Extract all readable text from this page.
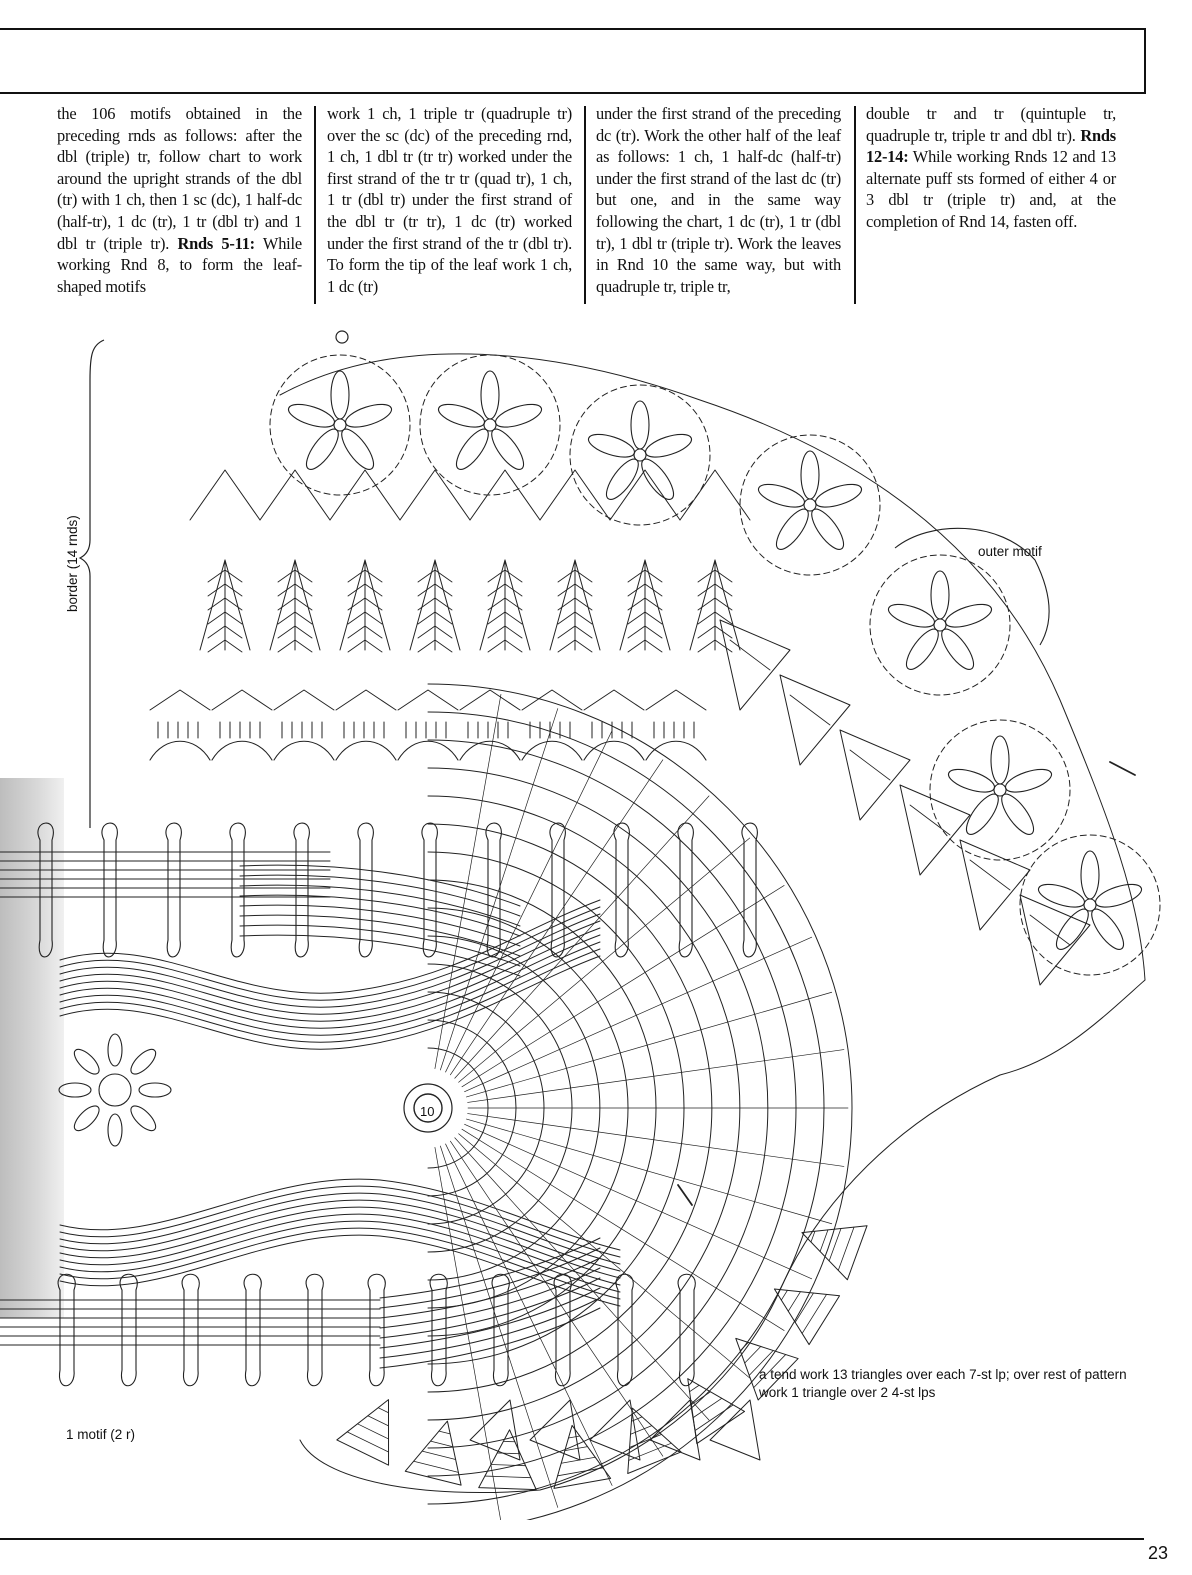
the 106 motifs obtained in the preceding rnds as follows: after the dbl (triple) tr, follow chart to work around the upright strands of the dbl (tr) with 1 ch, then 1 sc (dc), 1 half-dc (half-tr), 1 dc (tr), 1 tr (dbl tr) and 1 dbl tr (triple tr). Rnds 5-11: While working Rnd 8, to form the leaf-shaped motifs

work 1 ch, 1 triple tr (quadruple tr) over the sc (dc) of the preceding rnd, 1 ch, 1 dbl tr (tr tr) worked under the first strand of the tr tr (quad tr), 1 ch, 1 tr (dbl tr) under the first strand of the dbl tr (tr tr), 1 dc (tr) worked under the first strand of the tr (dbl tr). To form the tip of the leaf work 1 ch, 1 dc (tr)

under the first strand of the preceding dc (tr). Work the other half of the leaf as follows: 1 ch, 1 half-dc (half-tr) under the first strand of the last dc (tr) but one, and in the same way following the chart, 1 dc (tr), 1 tr (dbl tr), 1 dbl tr (triple tr). Work the leaves in Rnd 10 the same way, but with quadruple tr, triple tr,

double tr and tr (quintuple tr, quadruple tr, triple tr and dbl tr). Rnds 12-14: While working Rnds 12 and 13 alternate puff sts formed of either 4 or 3 dbl tr (triple tr) and, at the completion of Rnd 14, fasten off.

border (14 rnds)	outer motif
10
a tend work 13 triangles over each 7-st lp; over rest of pattern work 1 triangle over 2 4-st lps
1 motif (2 r)
23
